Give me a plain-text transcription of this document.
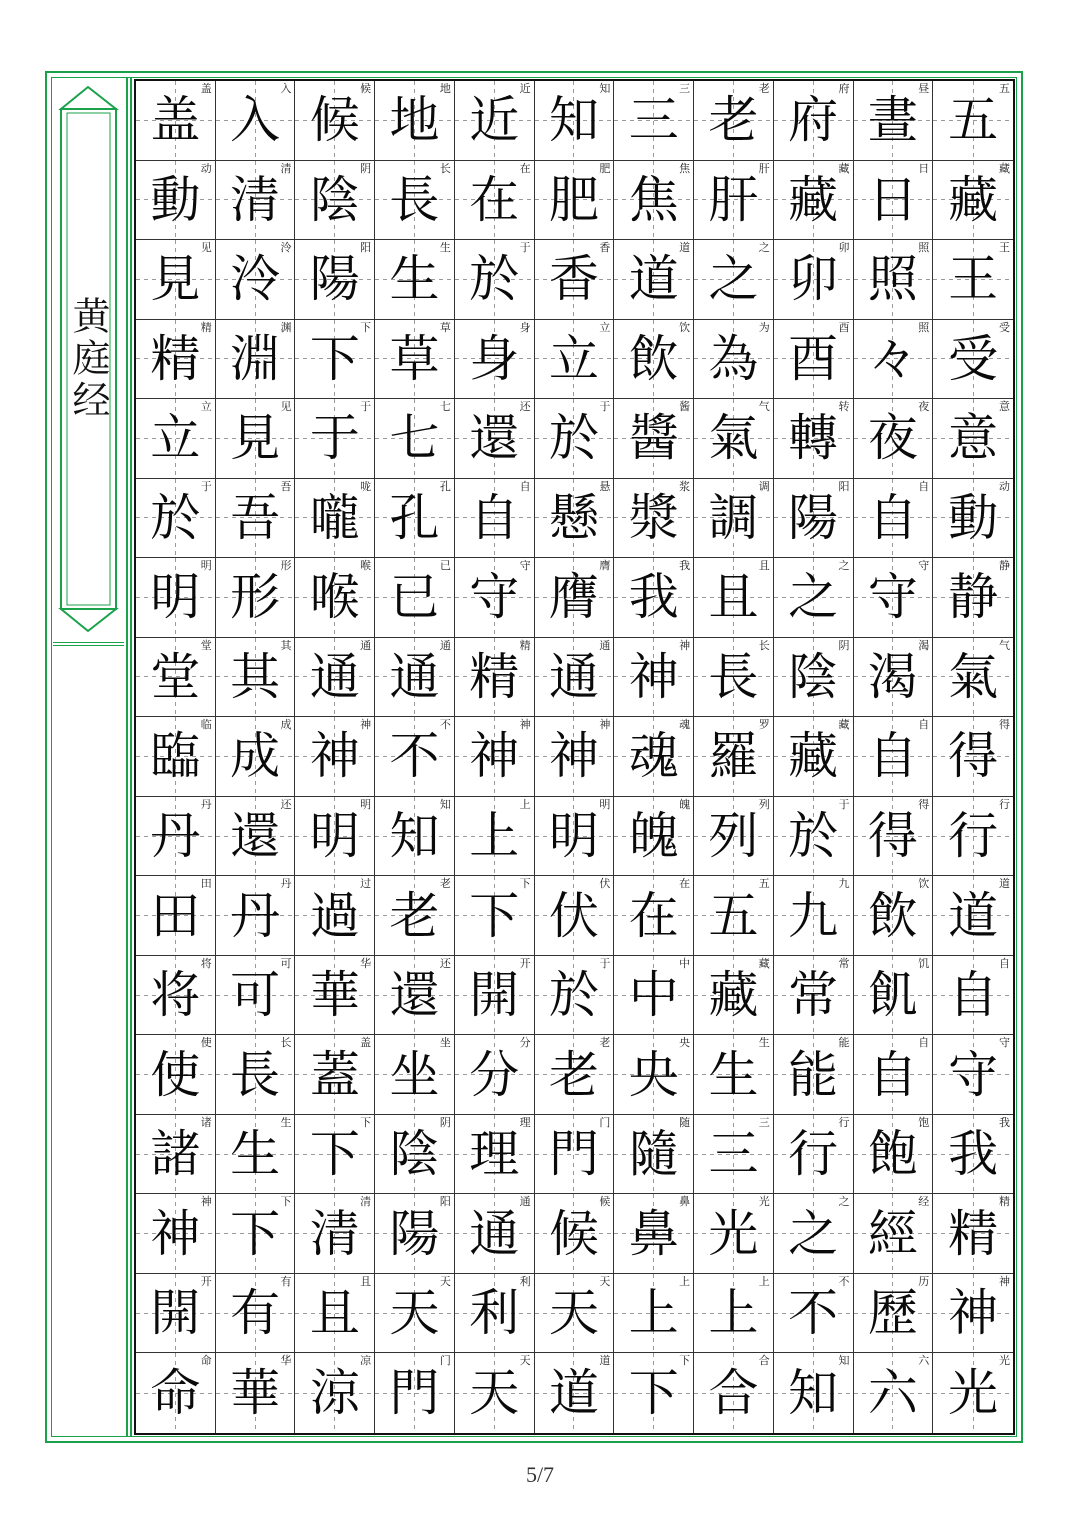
黄庭经
盖
盖
動
动
見
见
精
精
立
立
於
于
明
明
堂
堂
臨
临
丹
丹
田
田
将
将
使
使
諸
诸
神
神
開
开
命
命
入
入
清
清
泠
泠
淵
渊
見
见
吾
吾
形
形
其
其
成
成
還
还
丹
丹
可
可
長
长
生
生
下
下
有
有
華
华
候
候
陰
阴
陽
阳
下
下
于
于
嚨
咙
喉
喉
通
通
神
神
明
明
過
过
華
华
蓋
盖
下
下
清
清
且
且
涼
凉
地
地
長
长
生
生
草
草
七
七
孔
孔
已
已
通
通
不
不
知
知
老
老
還
还
坐
坐
陰
阴
陽
阳
天
天
門
门
近
近
在
在
於
于
身
身
還
还
自
自
守
守
精
精
神
神
上
上
下
下
開
开
分
分
理
理
通
通
利
利
天
天
知
知
肥
肥
香
香
立
立
於
于
懸
悬
膺
膺
通
通
神
神
明
明
伏
伏
於
于
老
老
門
门
候
候
天
天
道
道
三
三
焦
焦
道
道
飲
饮
醬
酱
漿
浆
我
我
神
神
魂
魂
魄
魄
在
在
中
中
央
央
隨
随
鼻
鼻
上
上
下
下
老
老
肝
肝
之
之
為
为
氣
气
調
调
且
且
長
长
羅
罗
列
列
五
五
藏
藏
生
生
三
三
光
光
上
上
合
合
府
府
藏
藏
卯
卯
酉
酉
轉
转
陽
阳
之
之
陰
阴
藏
藏
於
于
九
九
常
常
能
能
行
行
之
之
不
不
知
知
晝
昼
日
日
照
照
々
照
夜
夜
自
自
守
守
渴
渴
自
自
得
得
飲
饮
飢
饥
自
自
飽
饱
經
经
歷
历
六
六
五
五
藏
藏
王
王
受
受
意
意
動
动
静
静
氣
气
得
得
行
行
道
道
自
自
守
守
我
我
精
精
神
神
光
光
5/7
